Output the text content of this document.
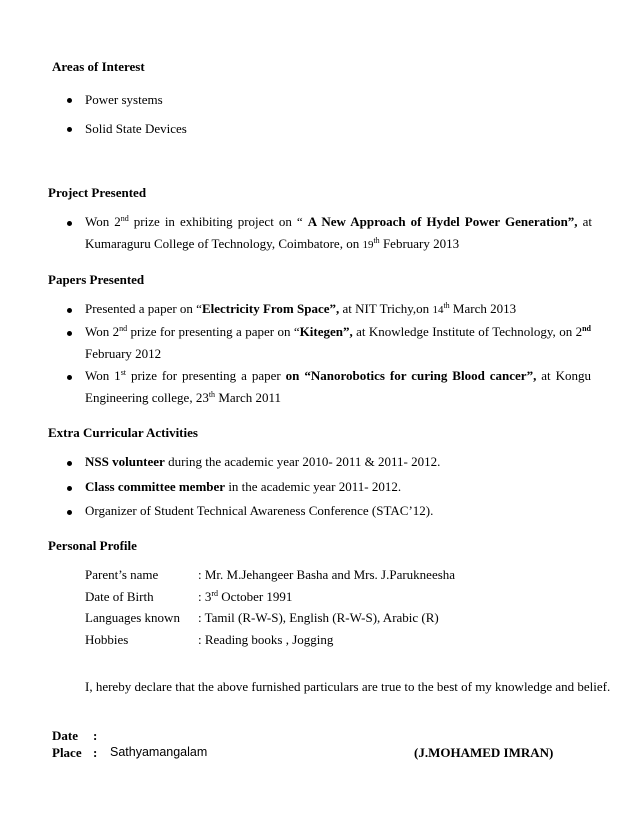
Areas of Interest
Power systems
Solid State Devices
Project Presented
Won 2nd prize in exhibiting project on “ A New Approach of Hydel Power Generation”, at
Kumaraguru College of Technology, Coimbatore, on 19th February 2013
Papers Presented
Presented a paper on “Electricity From Space”, at NIT Trichy,on 14th March 2013
Won 2nd prize for presenting a paper on “Kitegen”, at Knowledge Institute of Technology, on 2nd
February 2012
Won 1st prize for presenting a paper on “Nanorobotics for curing Blood cancer”, at Kongu
Engineering college, 23th March 2011
Extra Curricular Activities
NSS volunteer during the academic year 2010- 2011 & 2011- 2012.
Class committee member in the academic year 2011- 2012.
Organizer of Student Technical Awareness Conference (STAC’12).
Personal Profile
Parent’s name	: Mr. M.Jehangeer Basha and Mrs. J.Parukneesha
Date of Birth	: 3rd October 1991
Languages known : Tamil (R-W-S), English (R-W-S), Arabic (R)
Hobbies	: Reading books , Jogging
I, hereby declare that the above furnished particulars are true to the best of my knowledge and belief.
Date :
Place : Sathyamangalam	(J.MOHAMED IMRAN)
